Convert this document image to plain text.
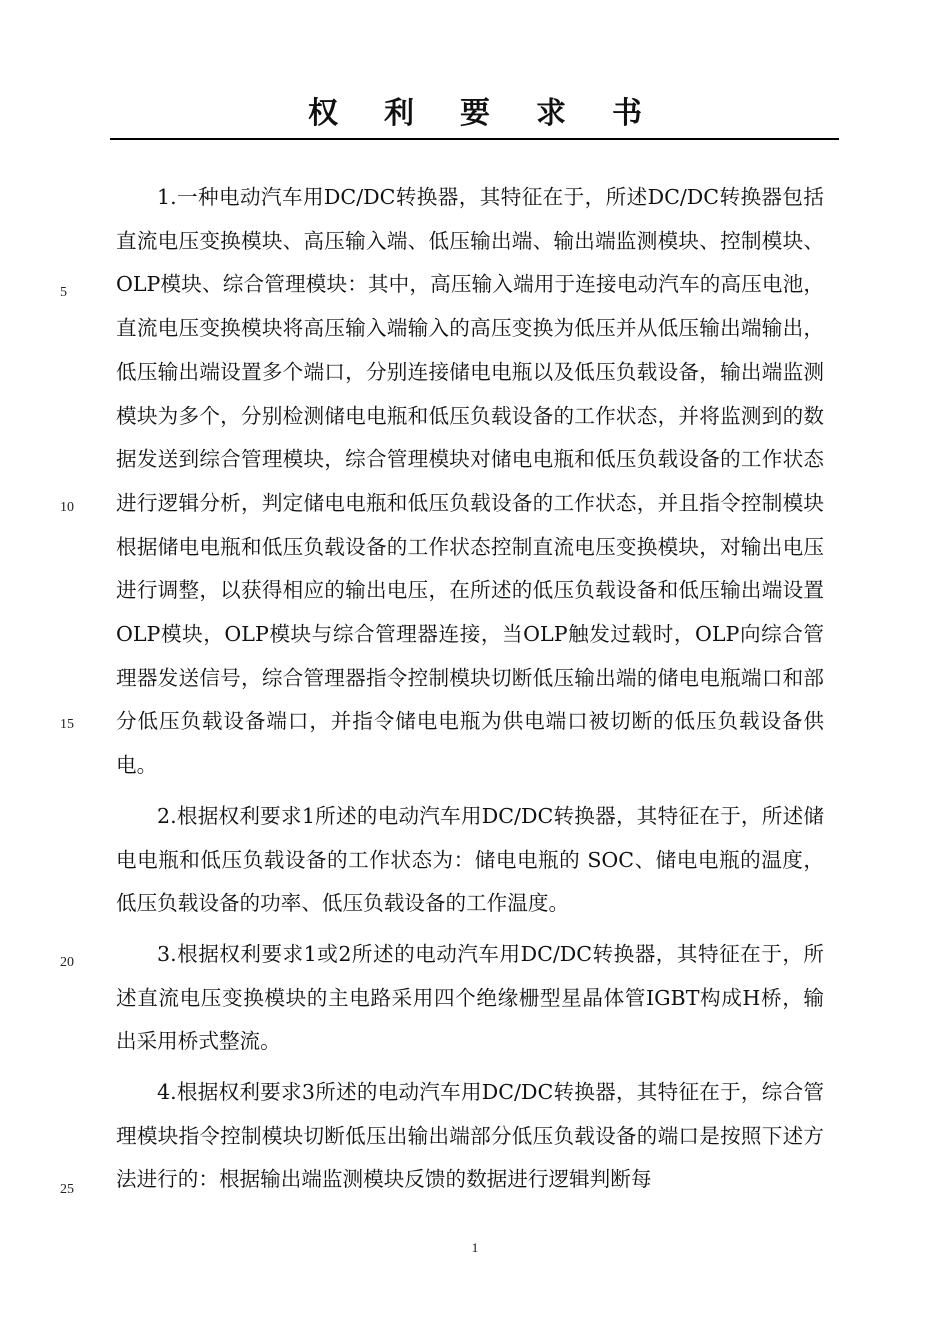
权利要求书

1.一种电动汽车用DC/DC转换器，其特征在于，所述DC/DC转换器包括直流电压变换模块、高压输入端、低压输出端、输出端监测模块、控制模块、OLP模块、综合管理模块：其中，高压输入端用于连接电动汽车的高压电池，直流电压变换模块将高压输入端输入的高压变换为低压并从低压输出端输出，低压输出端设置多个端口，分别连接储电电瓶以及低压负载设备，输出端监测模块为多个，分别检测储电电瓶和低压负载设备的工作状态，并将监测到的数据发送到综合管理模块，综合管理模块对储电电瓶和低压负载设备的工作状态进行逻辑分析，判定储电电瓶和低压负载设备的工作状态，并且指令控制模块根据储电电瓶和低压负载设备的工作状态控制直流电压变换模块，对输出电压进行调整，以获得相应的输出电压，在所述的低压负载设备和低压输出端设置OLP模块，OLP模块与综合管理器连接，当OLP触发过载时，OLP向综合管理器发送信号，综合管理器指令控制模块切断低压输出端的储电电瓶端口和部分低压负载设备端口，并指令储电电瓶为供电端口被切断的低压负载设备供电。

2.根据权利要求1所述的电动汽车用DC/DC转换器，其特征在于，所述储电电瓶和低压负载设备的工作状态为：储电电瓶的 SOC、储电电瓶的温度，低压负载设备的功率、低压负载设备的工作温度。

3.根据权利要求1或2所述的电动汽车用DC/DC转换器，其特征在于，所述直流电压变换模块的主电路采用四个绝缘栅型星晶体管IGBT构成H桥，输出采用桥式整流。

4.根据权利要求3所述的电动汽车用DC/DC转换器，其特征在于，综合管理模块指令控制模块切断低压出输出端部分低压负载设备的端口是按照下述方法进行的：根据输出端监测模块反馈的数据进行逻辑判断每

5
10
15
20
25
1
